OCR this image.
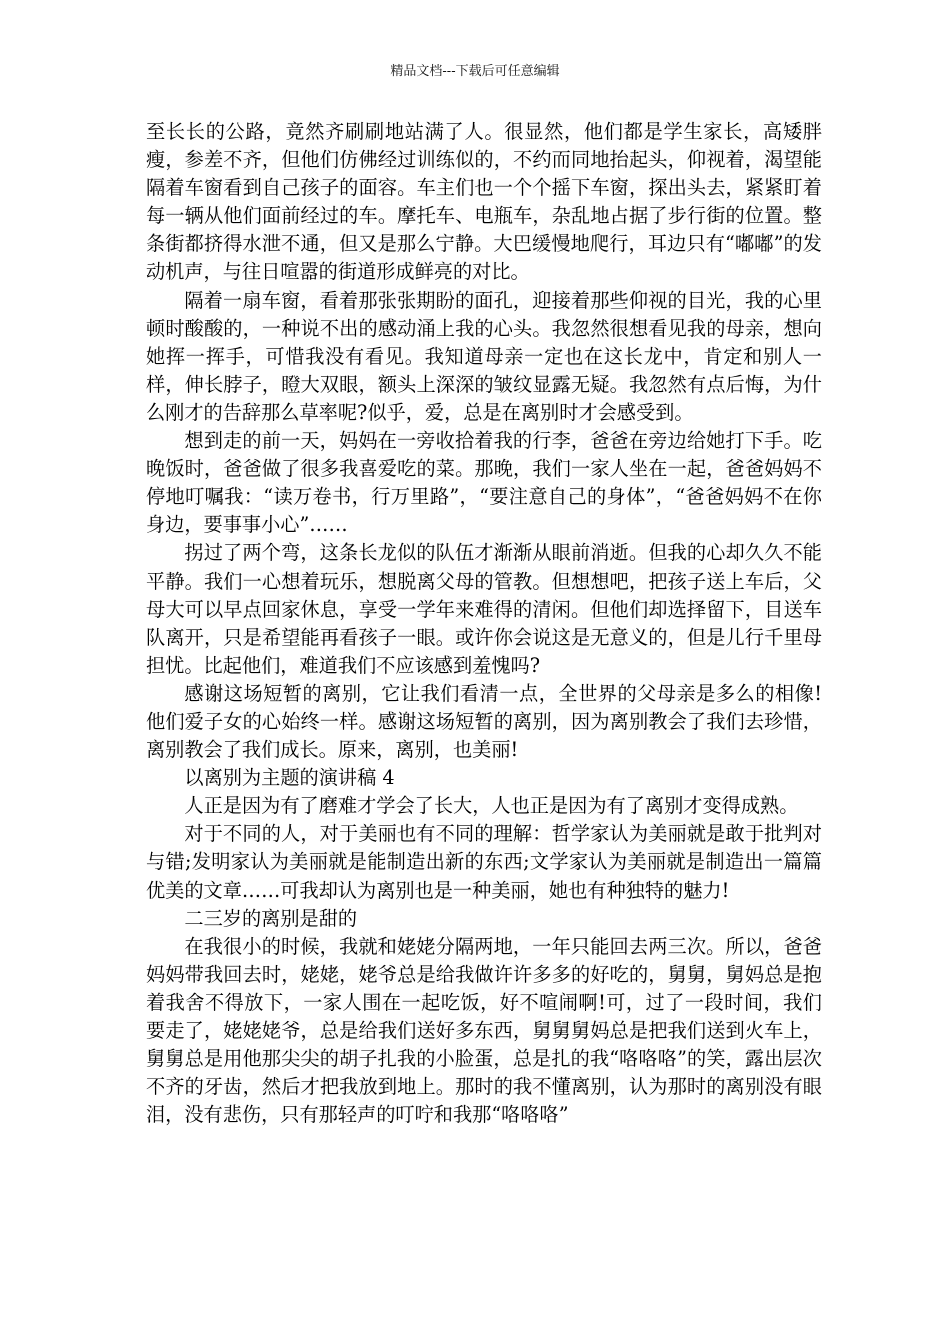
精品文档---下载后可任意编辑

至长长的公路，竟然齐刷刷地站满了人。很显然，他们都是学生家长，高矮胖瘦，参差不齐，但他们仿佛经过训练似的，不约而同地抬起头，仰视着，渴望能隔着车窗看到自己孩子的面容。车主们也一个个摇下车窗，探出头去，紧紧盯着每一辆从他们面前经过的车。摩托车、电瓶车，杂乱地占据了步行街的位置。整条街都挤得水泄不通，但又是那么宁静。大巴缓慢地爬行，耳边只有“嘟嘟”的发动机声，与往日喧嚣的街道形成鲜亮的对比。

隔着一扇车窗，看着那张张期盼的面孔，迎接着那些仰视的目光，我的心里顿时酸酸的，一种说不出的感动涌上我的心头。我忽然很想看见我的母亲，想向她挥一挥手，可惜我没有看见。我知道母亲一定也在这长龙中，肯定和别人一样，伸长脖子，瞪大双眼，额头上深深的皱纹显露无疑。我忽然有点后悔，为什么刚才的告辞那么草率呢?似乎，爱，总是在离别时才会感受到。

想到走的前一天，妈妈在一旁收拾着我的行李，爸爸在旁边给她打下手。吃晚饭时，爸爸做了很多我喜爱吃的菜。那晚，我们一家人坐在一起，爸爸妈妈不停地叮嘱我：“读万卷书，行万里路”，“要注意自己的身体”，“爸爸妈妈不在你身边，要事事小心”……

拐过了两个弯，这条长龙似的队伍才渐渐从眼前消逝。但我的心却久久不能平静。我们一心想着玩乐，想脱离父母的管教。但想想吧，把孩子送上车后，父母大可以早点回家休息，享受一学年来难得的清闲。但他们却选择留下，目送车队离开，只是希望能再看孩子一眼。或许你会说这是无意义的，但是儿行千里母担忧。比起他们，难道我们不应该感到羞愧吗?

感谢这场短暂的离别，它让我们看清一点，全世界的父母亲是多么的相像!他们爱子女的心始终一样。感谢这场短暂的离别，因为离别教会了我们去珍惜，离别教会了我们成长。原来，离别，也美丽!

以离别为主题的演讲稿 4

人正是因为有了磨难才学会了长大，人也正是因为有了离别才变得成熟。

对于不同的人，对于美丽也有不同的理解：哲学家认为美丽就是敢于批判对与错;发明家认为美丽就是能制造出新的东西;文学家认为美丽就是制造出一篇篇优美的文章……可我却认为离别也是一种美丽，她也有种独特的魅力!

二三岁的离别是甜的

在我很小的时候，我就和姥姥分隔两地，一年只能回去两三次。所以，爸爸妈妈带我回去时，姥姥，姥爷总是给我做许许多多的好吃的，舅舅，舅妈总是抱着我舍不得放下，一家人围在一起吃饭，好不喧闹啊!可，过了一段时间，我们要走了，姥姥姥爷，总是给我们送好多东西，舅舅舅妈总是把我们送到火车上，舅舅总是用他那尖尖的胡子扎我的小脸蛋，总是扎的我“咯咯咯”的笑，露出层次不齐的牙齿，然后才把我放到地上。那时的我不懂离别，认为那时的离别没有眼泪，没有悲伤，只有那轻声的叮咛和我那“咯咯咯”
